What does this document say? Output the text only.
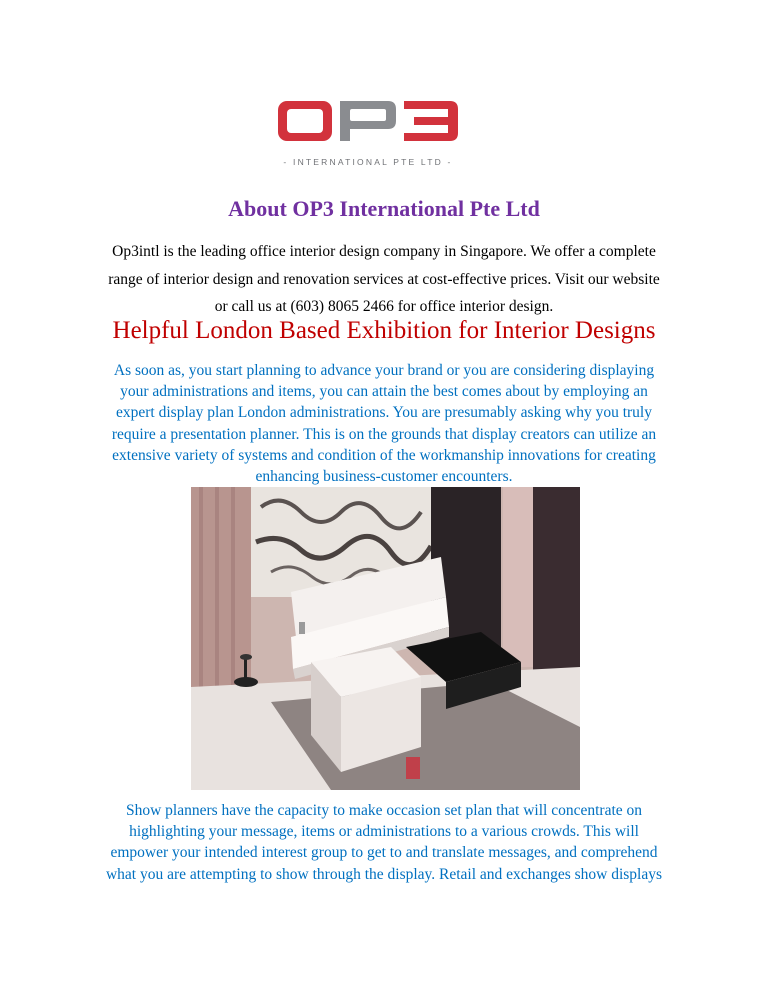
- INTERNATIONAL PTE LTD -
About OP3 International Pte Ltd
Op3intl is the leading office interior design company in Singapore. We offer a complete
range of interior design and renovation services at cost-effective prices. Visit our website
or call us at (603) 8065 2466 for office interior design.
Helpful London Based Exhibition for Interior Designs
As soon as, you start planning to advance your brand or you are considering displaying
your administrations and items, you can attain the best comes about by employing an
expert display plan London administrations. You are presumably asking why you truly
require a presentation planner. This is on the grounds that display creators can utilize an
extensive variety of systems and condition of the workmanship innovations for creating
enhancing business-customer encounters.
Show planners have the capacity to make occasion set plan that will concentrate on
highlighting your message, items or administrations to a various crowds. This will
empower your intended interest group to get to and translate messages, and comprehend
what you are attempting to show through the display. Retail and exchanges show displays
